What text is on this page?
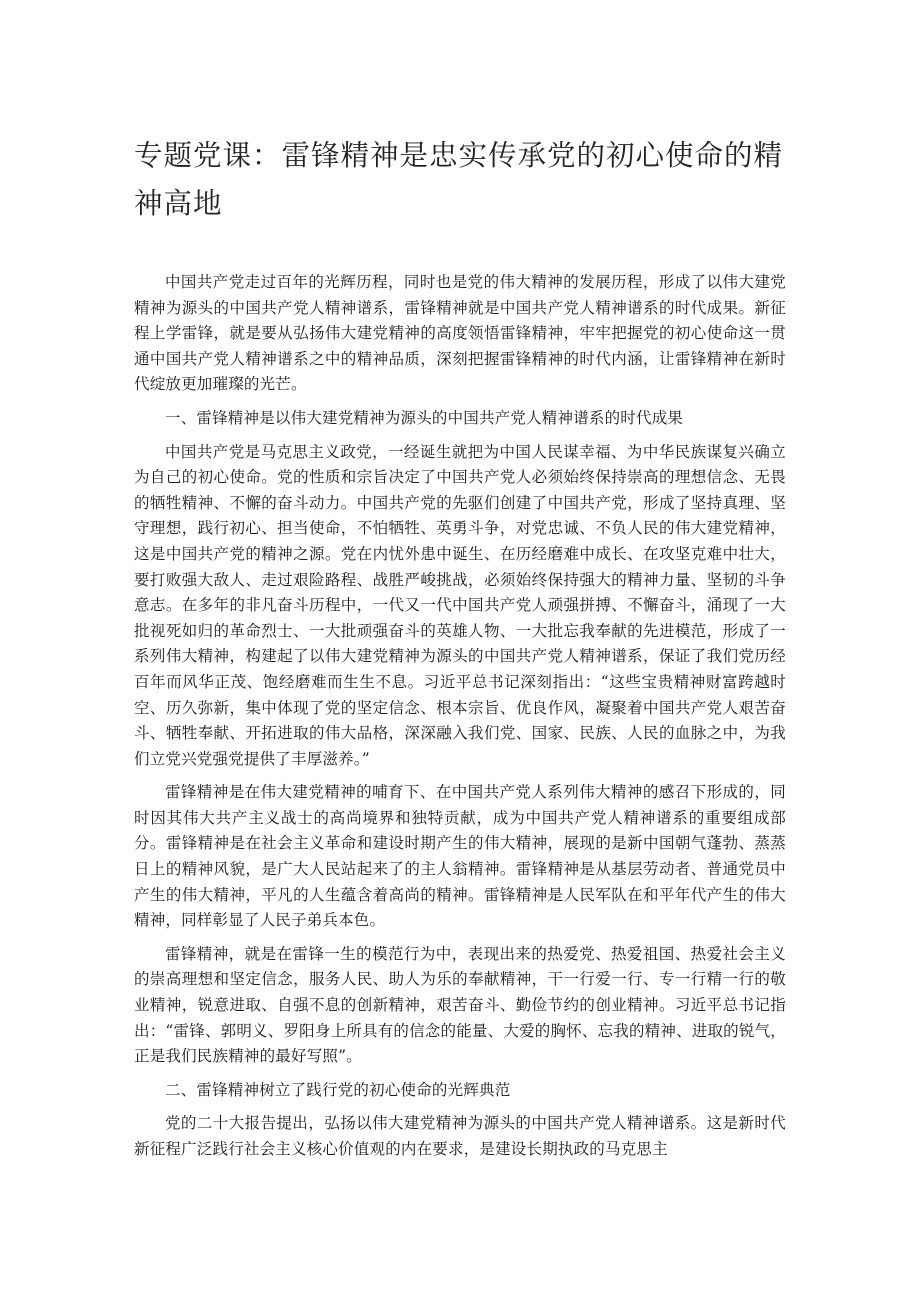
专题党课：雷锋精神是忠实传承党的初心使命的精神高地

中国共产党走过百年的光辉历程，同时也是党的伟大精神的发展历程，形成了以伟大建党精神为源头的中国共产党人精神谱系，雷锋精神就是中国共产党人精神谱系的时代成果。新征程上学雷锋，就是要从弘扬伟大建党精神的高度领悟雷锋精神，牢牢把握党的初心使命这一贯通中国共产党人精神谱系之中的精神品质，深刻把握雷锋精神的时代内涵，让雷锋精神在新时代绽放更加璀璨的光芒。

一、雷锋精神是以伟大建党精神为源头的中国共产党人精神谱系的时代成果

中国共产党是马克思主义政党，一经诞生就把为中国人民谋幸福、为中华民族谋复兴确立为自己的初心使命。党的性质和宗旨决定了中国共产党人必须始终保持崇高的理想信念、无畏的牺牲精神、不懈的奋斗动力。中国共产党的先驱们创建了中国共产党，形成了坚持真理、坚守理想，践行初心、担当使命，不怕牺牲、英勇斗争，对党忠诚、不负人民的伟大建党精神，这是中国共产党的精神之源。党在内忧外患中诞生、在历经磨难中成长、在攻坚克难中壮大，要打败强大敌人、走过艰险路程、战胜严峻挑战，必须始终保持强大的精神力量、坚韧的斗争意志。在多年的非凡奋斗历程中，一代又一代中国共产党人顽强拼搏、不懈奋斗，涌现了一大批视死如归的革命烈士、一大批顽强奋斗的英雄人物、一大批忘我奉献的先进模范，形成了一系列伟大精神，构建起了以伟大建党精神为源头的中国共产党人精神谱系，保证了我们党历经百年而风华正茂、饱经磨难而生生不息。习近平总书记深刻指出：“这些宝贵精神财富跨越时空、历久弥新，集中体现了党的坚定信念、根本宗旨、优良作风，凝聚着中国共产党人艰苦奋斗、牺牲奉献、开拓进取的伟大品格，深深融入我们党、国家、民族、人民的血脉之中，为我们立党兴党强党提供了丰厚滋养。”

雷锋精神是在伟大建党精神的哺育下、在中国共产党人系列伟大精神的感召下形成的，同时因其伟大共产主义战士的高尚境界和独特贡献，成为中国共产党人精神谱系的重要组成部分。雷锋精神是在社会主义革命和建设时期产生的伟大精神，展现的是新中国朝气蓬勃、蒸蒸日上的精神风貌，是广大人民站起来了的主人翁精神。雷锋精神是从基层劳动者、普通党员中产生的伟大精神，平凡的人生蕴含着高尚的精神。雷锋精神是人民军队在和平年代产生的伟大精神，同样彰显了人民子弟兵本色。

雷锋精神，就是在雷锋一生的模范行为中，表现出来的热爱党、热爱祖国、热爱社会主义的崇高理想和坚定信念，服务人民、助人为乐的奉献精神，干一行爱一行、专一行精一行的敬业精神，锐意进取、自强不息的创新精神，艰苦奋斗、勤俭节约的创业精神。习近平总书记指出：“雷锋、郭明义、罗阳身上所具有的信念的能量、大爱的胸怀、忘我的精神、进取的锐气，正是我们民族精神的最好写照”。

二、雷锋精神树立了践行党的初心使命的光辉典范

党的二十大报告提出，弘扬以伟大建党精神为源头的中国共产党人精神谱系。这是新时代新征程广泛践行社会主义核心价值观的内在要求，是建设长期执政的马克思主
